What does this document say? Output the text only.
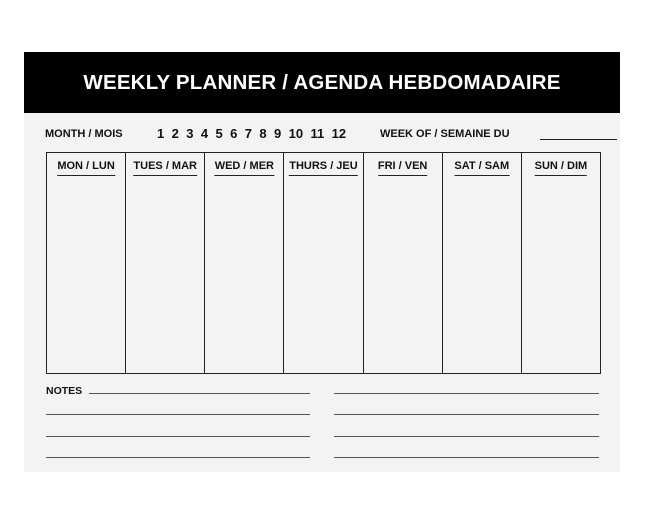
WEEKLY PLANNER / AGENDA HEBDOMADAIRE
MONTH / MOIS	1 2 3 4 5 6 7 8 9 10 11 12	WEEK OF / SEMAINE DU
MON / LUN TUES / MAR WED / MER THURS / JEU FRI / VEN SAT / SAM SUN / DIM
NOTES
